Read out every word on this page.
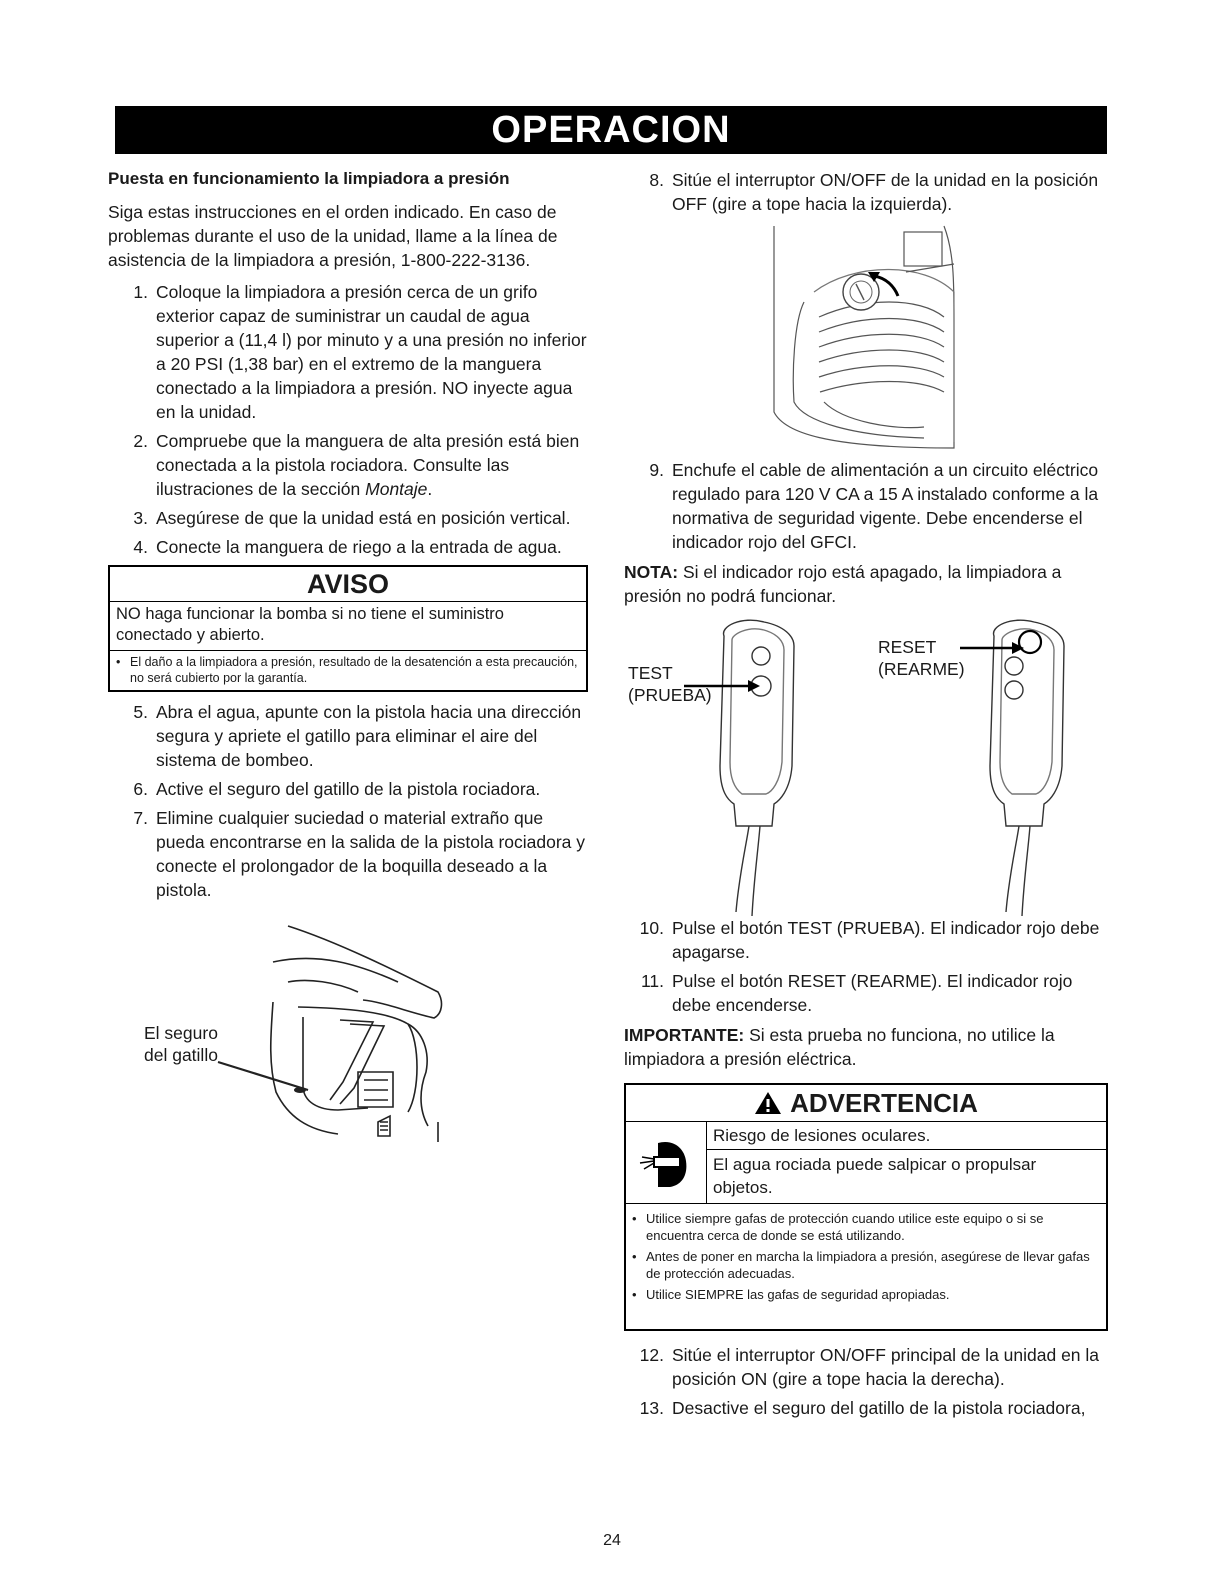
OPERACION
Puesta en funcionamiento la limpiadora a presión
Siga estas instrucciones en el orden indicado. En caso de problemas durante el uso de la unidad, llame a la línea de asistencia de la limpiadora a presión, 1-800-222-3136.
1. Coloque la limpiadora a presión cerca de un grifo exterior capaz de suministrar un caudal de agua superior a (11,4 l) por minuto y a una presión no inferior a 20 PSI (1,38 bar) en el extremo de la manguera conectado a la limpiadora a presión. NO inyecte agua en la unidad.
2. Compruebe que la manguera de alta presión está bien conectada a la pistola rociadora. Consulte las ilustraciones de la sección Montaje.
3. Asegúrese de que la unidad está en posición vertical.
4. Conecte la manguera de riego a la entrada de agua.
AVISO
NO haga funcionar la bomba si no tiene el suministro conectado y abierto.
• El daño a la limpiadora a presión, resultado de la desatención a esta precaución, no será cubierto por la garantía.
5. Abra el agua, apunte con la pistola hacia una dirección segura y apriete el gatillo para eliminar el aire del sistema de bombeo.
6. Active el seguro del gatillo de la pistola rociadora.
7. Elimine cualquier suciedad o material extraño que pueda encontrarse en la salida de la pistola rociadora y conecte el prolongador de la boquilla deseado a la pistola.
El seguro
del gatillo
8. Sitúe el interruptor ON/OFF de la unidad en la posición OFF (gire a tope hacia la izquierda).
9. Enchufe el cable de alimentación a un circuito eléctrico regulado para 120 V CA a 15 A instalado conforme a la normativa de seguridad vigente. Debe encenderse el indicador rojo del GFCI.
NOTA: Si el indicador rojo está apagado, la limpiadora a presión no podrá funcionar.
TEST
(PRUEBA)
RESET
(REARME)
10. Pulse el botón TEST (PRUEBA). El indicador rojo debe apagarse.
11. Pulse el botón RESET (REARME). El indicador rojo debe encenderse.
IMPORTANTE: Si esta prueba no funciona, no utilice la limpiadora a presión eléctrica.
ADVERTENCIA
Riesgo de lesiones oculares.
El agua rociada puede salpicar o propulsar objetos.
• Utilice siempre gafas de protección cuando utilice este equipo o si se encuentra cerca de donde se está utilizando.
• Antes de poner en marcha la limpiadora a presión, asegúrese de llevar gafas de protección adecuadas.
• Utilice SIEMPRE las gafas de seguridad apropiadas.
12. Sitúe el interruptor ON/OFF principal de la unidad en la posición ON (gire a tope hacia la derecha).
13. Desactive el seguro del gatillo de la pistola rociadora,
24
